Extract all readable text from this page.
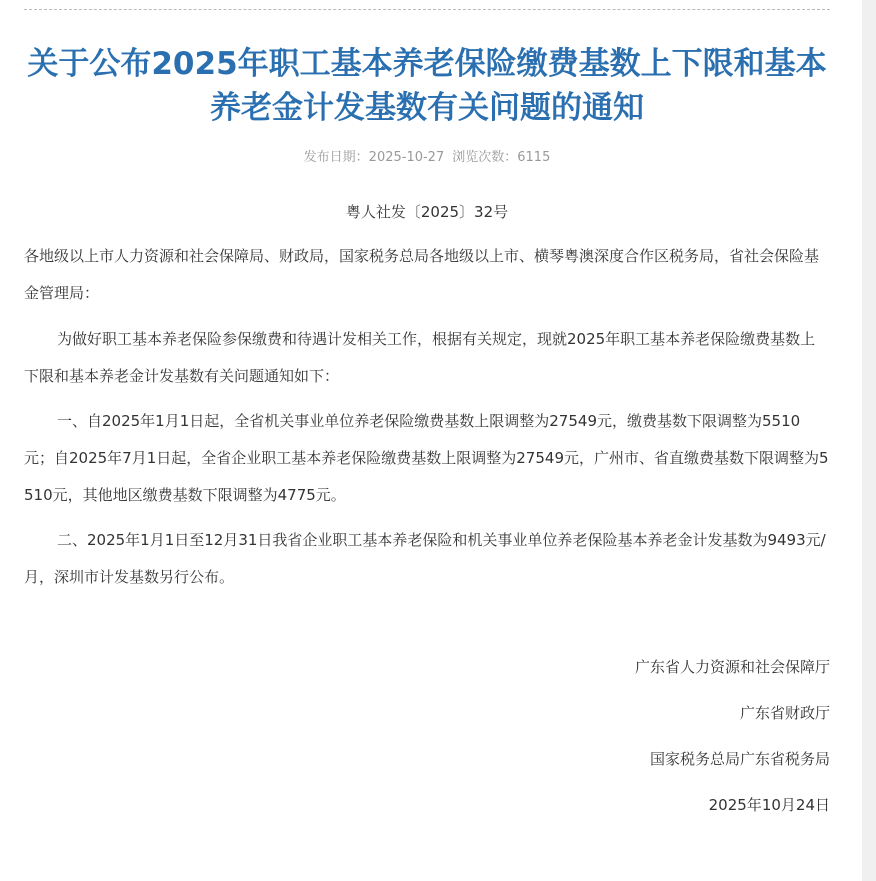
关于公布2025年职工基本养老保险缴费基数上下限和基本养老金计发基数有关问题的通知
发布日期：2025-10-27 浏览次数：6115
粤人社发〔2025〕32号

各地级以上市人力资源和社会保障局、财政局，国家税务总局各地级以上市、横琴粤澳深度合作区税务局，省社会保险基金管理局：

为做好职工基本养老保险参保缴费和待遇计发相关工作，根据有关规定，现就2025年职工基本养老保险缴费基数上下限和基本养老金计发基数有关问题通知如下：

一、自2025年1月1日起，全省机关事业单位养老保险缴费基数上限调整为27549元，缴费基数下限调整为5510元；自2025年7月1日起，全省企业职工基本养老保险缴费基数上限调整为27549元，广州市、省直缴费基数下限调整为5510元，其他地区缴费基数下限调整为4775元。

二、2025年1月1日至12月31日我省企业职工基本养老保险和机关事业单位养老保险基本养老金计发基数为9493元/月，深圳市计发基数另行公布。

广东省人力资源和社会保障厅
广东省财政厅
国家税务总局广东省税务局
2025年10月24日
